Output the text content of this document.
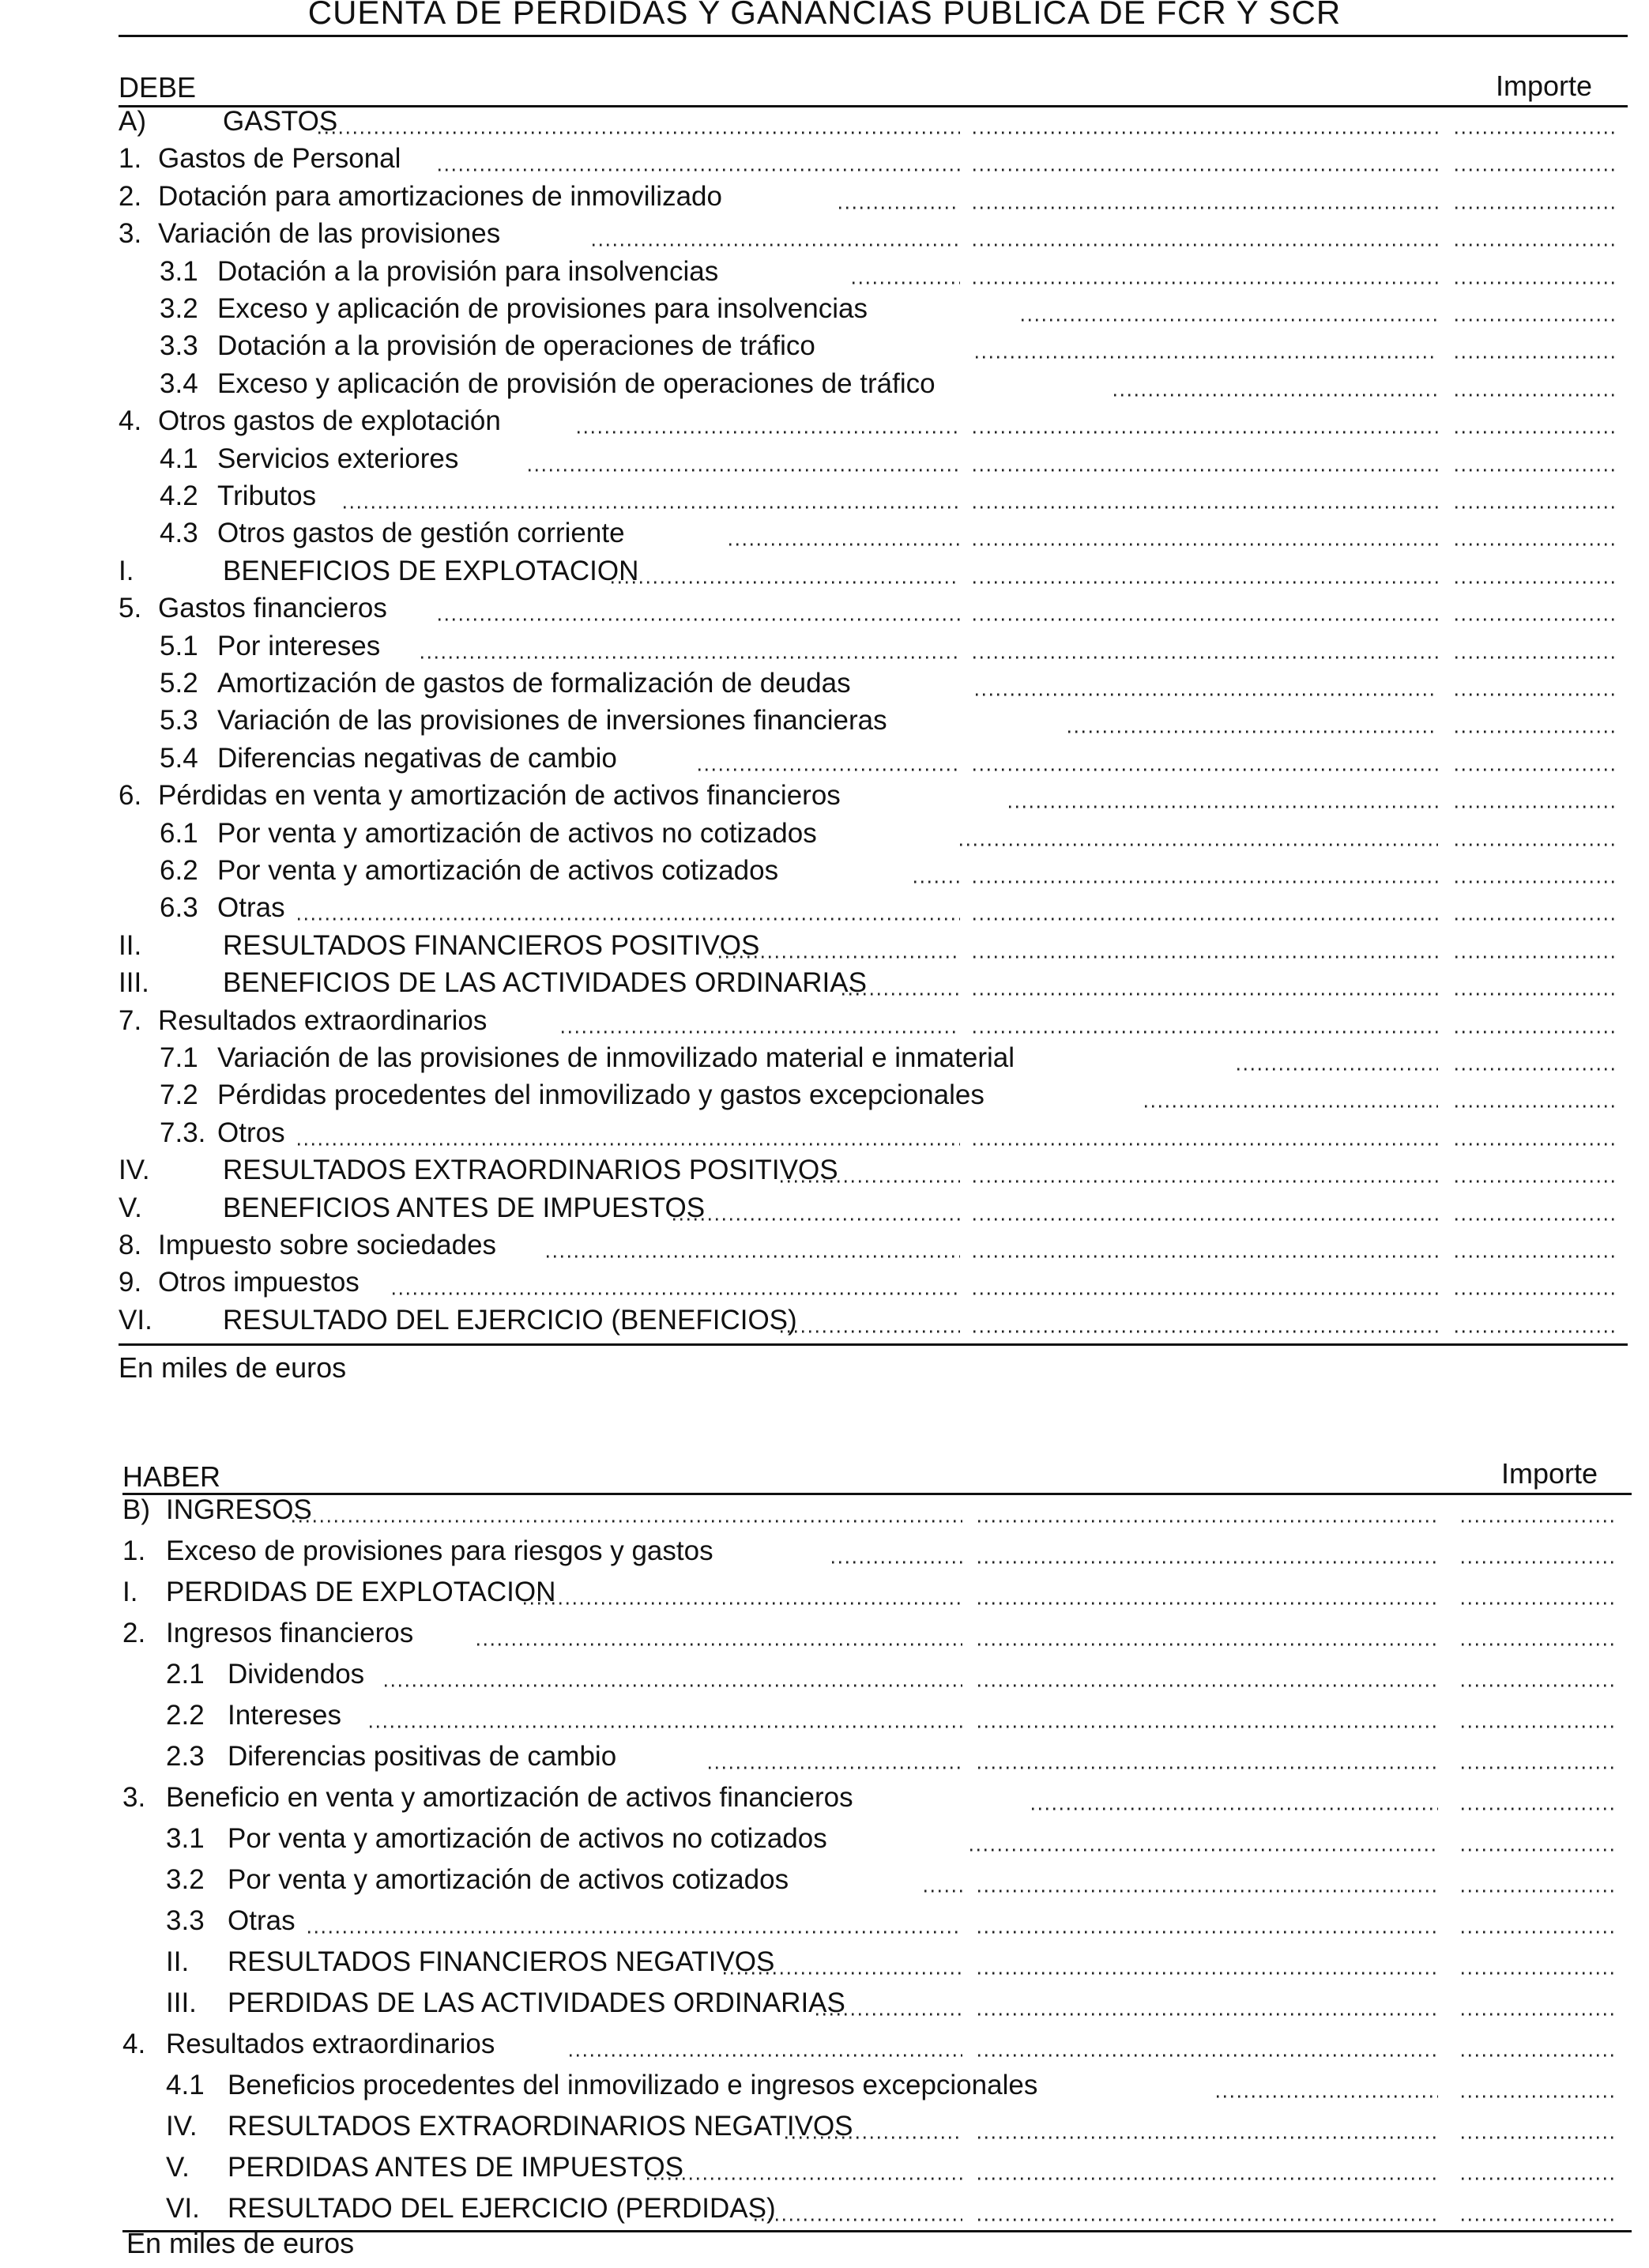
CUENTA DE PERDIDAS Y GANANCIAS PUBLICA DE FCR Y SCR
DEBE	Importe
A)	GASTOS
1. Gastos de Personal
2. Dotación para amortizaciones de inmovilizado
3. Variación de las provisiones
3.1 Dotación a la provisión para insolvencias
3.2 Exceso y aplicación de provisiones para insolvencias
3.3 Dotación a la provisión de operaciones de tráfico
3.4 Exceso y aplicación de provisión de operaciones de tráfico
4. Otros gastos de explotación
4.1 Servicios exteriores
4.2 Tributos
4.3 Otros gastos de gestión corriente
I.	BENEFICIOS DE EXPLOTACION
5. Gastos financieros
5.1 Por intereses
5.2 Amortización de gastos de formalización de deudas
5.3 Variación de las provisiones de inversiones financieras
5.4 Diferencias negativas de cambio
6. Pérdidas en venta y amortización de activos financieros
6.1 Por venta y amortización de activos no cotizados
6.2 Por venta y amortización de activos cotizados
6.3 Otras
II.	RESULTADOS FINANCIEROS POSITIVOS
III.	BENEFICIOS DE LAS ACTIVIDADES ORDINARIAS
7. Resultados extraordinarios
7.1 Variación de las provisiones de inmovilizado material e inmaterial
7.2 Pérdidas procedentes del inmovilizado y gastos excepcionales
7.3. Otros
IV.	RESULTADOS EXTRAORDINARIOS POSITIVOS
V.	BENEFICIOS ANTES DE IMPUESTOS
8. Impuesto sobre sociedades
9. Otros impuestos
VI.	RESULTADO DEL EJERCICIO (BENEFICIOS)
En miles de euros
HABER	Importe
B) INGRESOS
1. Exceso de provisiones para riesgos y gastos
I. PERDIDAS DE EXPLOTACION
2. Ingresos financieros
2.1 Dividendos
2.2 Intereses
2.3 Diferencias positivas de cambio
3. Beneficio en venta y amortización de activos financieros
3.1 Por venta y amortización de activos no cotizados
3.2 Por venta y amortización de activos cotizados
3.3 Otras
II. RESULTADOS FINANCIEROS NEGATIVOS
III. PERDIDAS DE LAS ACTIVIDADES ORDINARIAS
4. Resultados extraordinarios
4.1 Beneficios procedentes del inmovilizado e ingresos excepcionales
IV. RESULTADOS EXTRAORDINARIOS NEGATIVOS
V. PERDIDAS ANTES DE IMPUESTOS
VI. RESULTADO DEL EJERCICIO (PERDIDAS)
En miles de euros
